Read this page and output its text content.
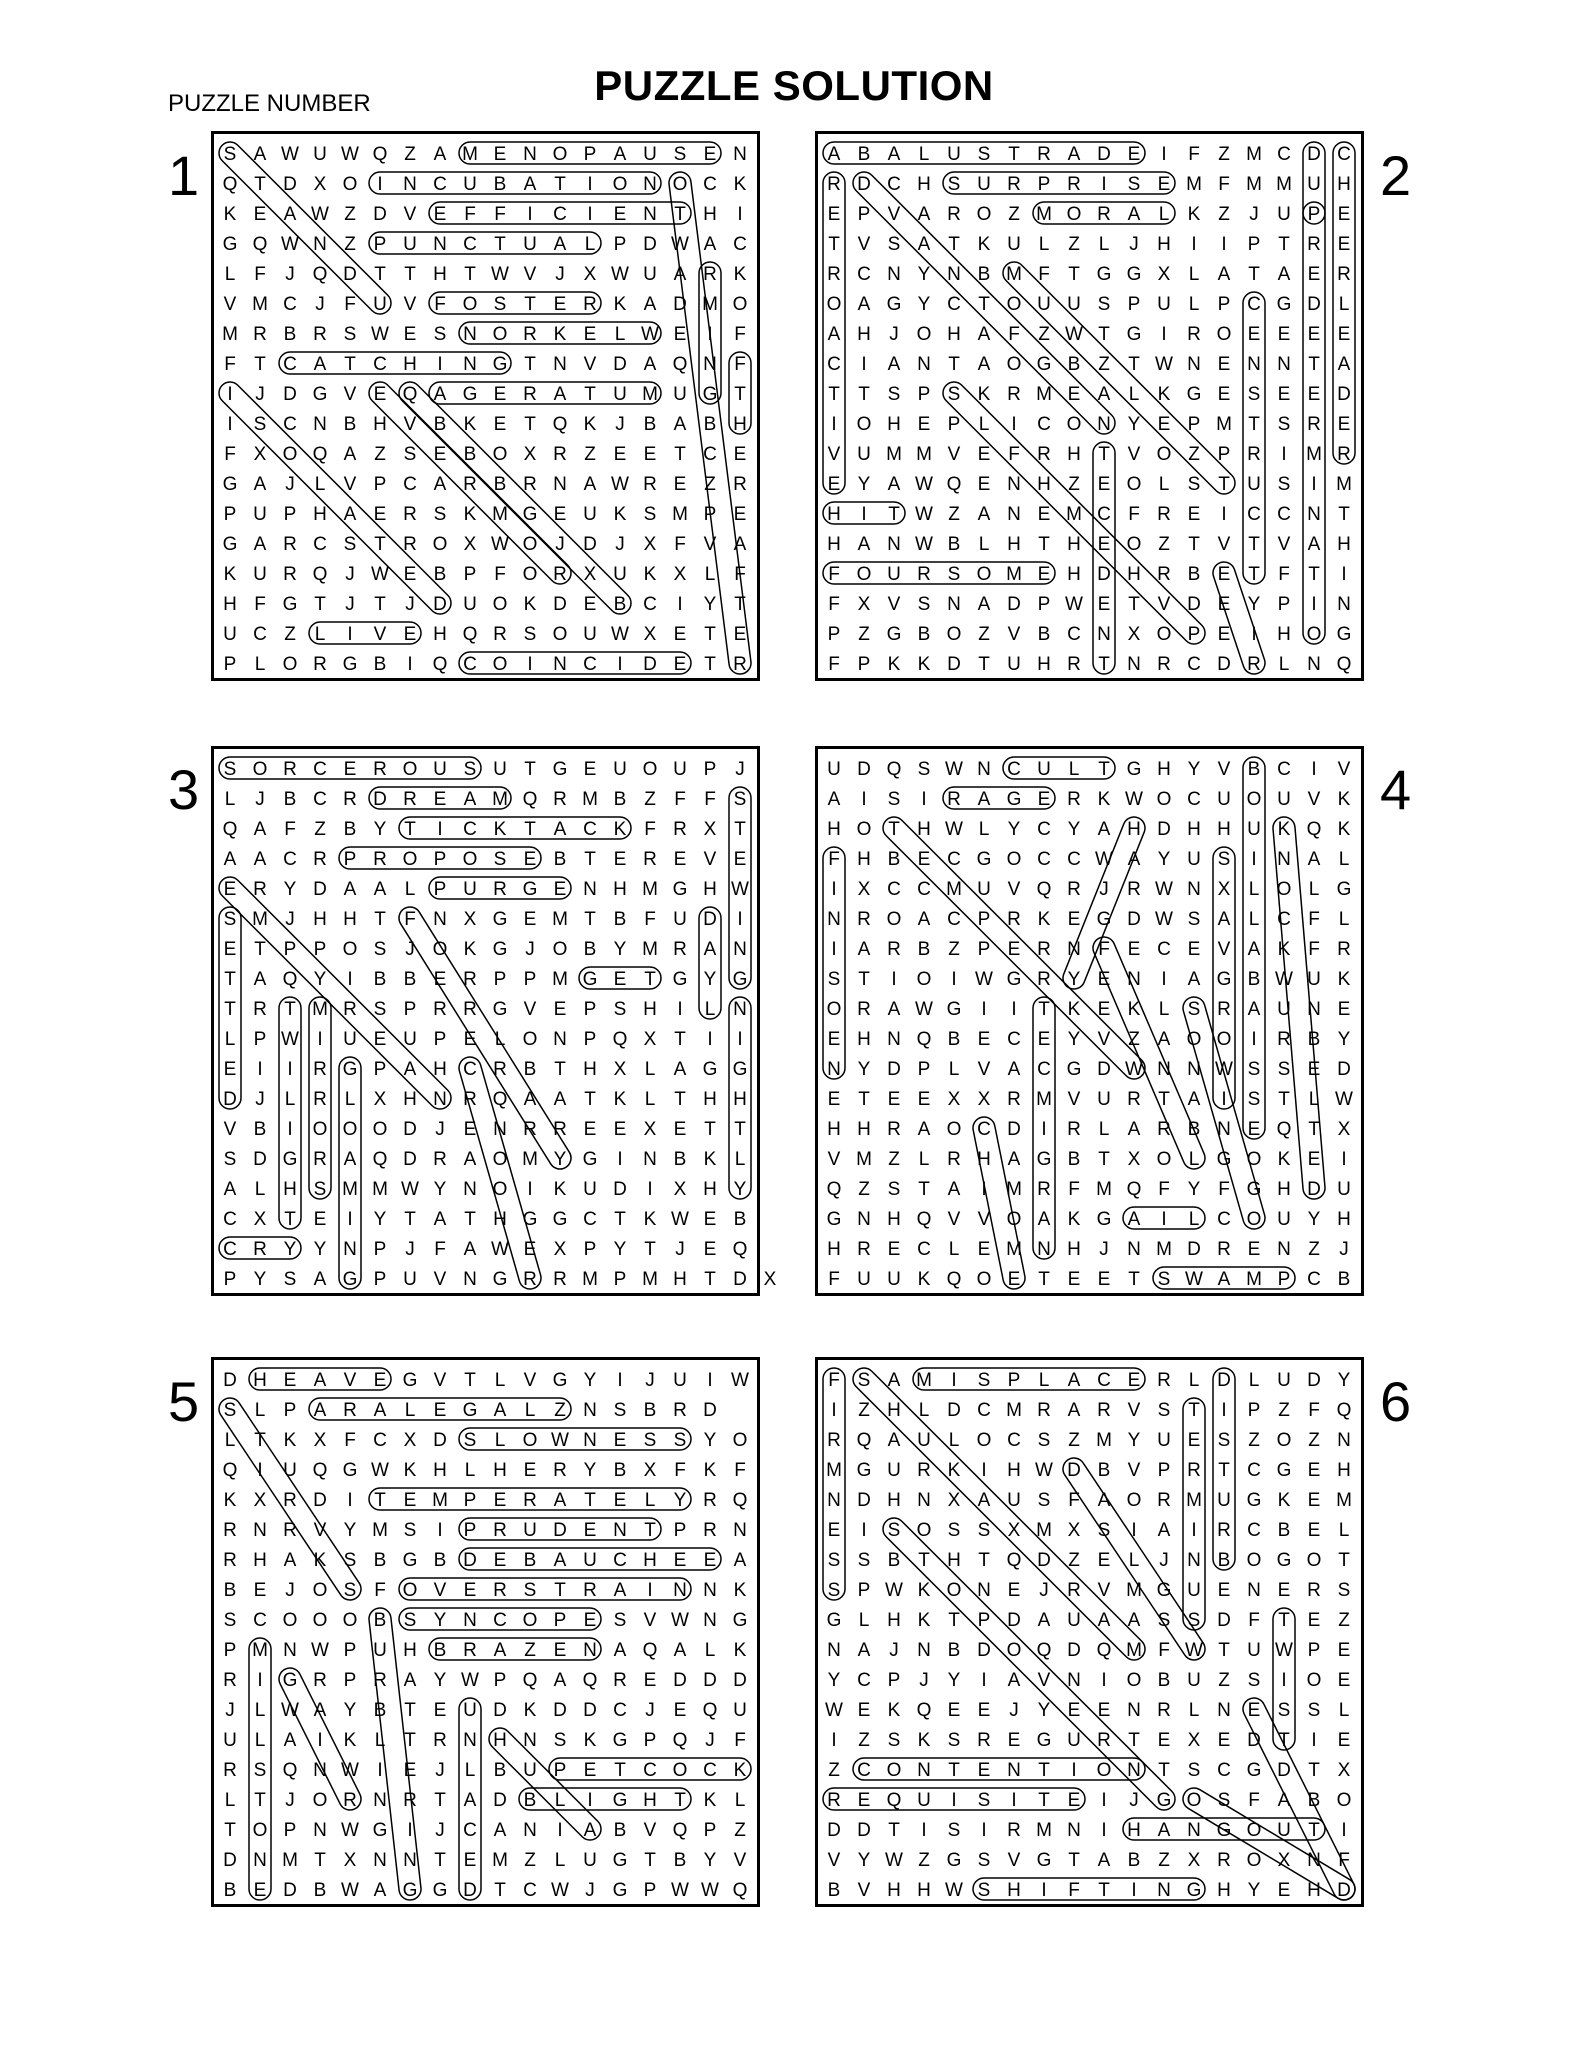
PUZZLE SOLUTION
PUZZLE NUMBER
1 S A W U W Q Z A M E N O P A U S E N
Q T D X O I N C U B A T I O N O C K
K E A W Z D V E F F I C I E N T H I
G Q W N Z P U N C T U A L P D W A C
L F J Q D T T H T W V J X W U A R K
V M C J F U V F O S T E R K A D M O
M R B R S W E S N O R K E L W E I F
F T C A T C H I N G T N V D A Q N F
I J D G V E Q A G E R A T U M U G T
I S C N B H V B K E T Q K J B A B H
F X O Q A Z S E B O X R Z E E T C E
G A J L V P C A R B R N A W R E Z R
P U P H A E R S K M G E U K S M P E
G A R C S T R O X W O J D J X F V A
K U R Q J W E B P F O R X U K X L F
H F G T J T J D U O K D E B C I Y T
U C Z L I V E H Q R S O U W X E T E
P L O R G B I Q C O I N C I D E T R
2
A B A L U S T R A D E I F Z M C D C
R D C H S U R P R I S E M F M M U H
E P V A R O Z M O R A L K Z J U P E
T V S A T K U L Z L J H I I P T R E
R C N Y N B M F T G G X L A T A E R
O A G Y C T O U U S P U L P C G D L
A H J O H A F Z W T G I R O E E E E
C I A N T A O G B Z T W N E N N T A
T T S P S K R M E A L K G E S E E D
I O H E P L I C O N Y E P M T S R E
V U M M V E F R H T V O Z P R I M R
E Y A W Q E N H Z E O L S T U S I M
H I T W Z A N E M C F R E I C C N T
H A N W B L H T H E O Z T V T V A H
F O U R S O M E H D H R B E T F T I
F X V S N A D P W E T V D E Y P I N
P Z G B O Z V B C N X O P E I H O G
F P K K D T U H R T N R C D R L N Q
3 S O R C E R O U S U T G E U O U P J
L J B C R D R E A M Q R M B Z F F S
Q A F Z B Y T I C K T A C K F R X T
A A C R P R O P O S E B T E R E V E
E R Y D A A L P U R G E N H M G H W
S M J H H T F N X G E M T B F U D I
E T P P O S J O K G J O B Y M R A N
T A Q Y I B B E R P P M G E T G Y G
T R T M R S P R R G V E P S H I L N
L P W I U E U P E L O N P Q X T I I
E I I R G P A H C R B T H X L A G G
D J L R L X H N R Q A A T K L T H H
V B I O O O D J E N R R E E X E T T
S D G R A Q D R A O M Y G I N B K L
A L H S M M W Y N O I K U D I X H Y
C X T E I Y T A T H G G C T K W E B
C R Y Y N P J F A W E X P Y T J E Q
P Y S A G P U V N G R R M P M H T D X
4
U D Q S W N C U L T G H Y V B C I V
A I S I R A G E R K W O C U O U V K
H O T H W L Y C Y A H D H H U K Q K
F H B E C G O C C W A Y U S I N A L
I X C C M U V Q R J R W N X L O L G
N R O A C P R K E G D W S A L C F L
I A R B Z P E R N F E C E V A K F R
S T I O I W G R Y E N I A G B W U K
O R A W G I I T K E K L S R A U N E
E H N Q B E C E Y V Z A O O I R B Y
N Y D P L V A C G D W N N W S S E D
E T E E X X R M V U R T A I S T L W
H H R A O C D I R L A R B N E Q T X
V M Z L R H A G B T X O L G O K E I
Q Z S T A I M R F M Q F Y F G H D U
G N H Q V V O A K G A I L C O U Y H
H R E C L E M N H J N M D R E N Z J
F U U K Q O E T E E T S W A M P C B
5 D H E A V E G V T L V G Y I J U I W
S L P A R A L E G A L Z N S B R D
L T K X F C X D S L O W N E S S Y O
Q I U Q G W K H L H E R Y B X F K F
K X R D I T E M P E R A T E L Y R Q
R N R V Y M S I P R U D E N T P R N
R H A K S B G B D E B A U C H E E A
B E J O S F O V E R S T R A I N N K
S C O O O B S Y N C O P E S V W N G
P M N W P U H B R A Z E N A Q A L K
R I G R P R A Y W P Q A Q R E D D D
J L W A Y B T E U D K D D C J E Q U
U L A I K L T R N H N S K G P Q J F
R S Q N W I E J L B U P E T C O C K
L T J O R N R T A D B L I G H T K L
T O P N W G I J C A N I A B V Q P Z
D N M T X N N T E M Z L U G T B Y V
B E D B W A G G D T C W J G P W W Q
6
F S A M I S P L A C E R L D L U D Y
I Z H L D C M R A R V S T I P Z F Q
R Q A U L O C S Z M Y U E S Z O Z N
M G U R K I H W D B V P R T C G E H
N D H N X A U S F A O R M U G K E M
E I S O S S X M X S I A I R C B E L
S S B T H T Q D Z E L J N B O G O T
S P W K O N E J R V M G U E N E R S
G L H K T P D A U A A S S D F T E Z
N A J N B D O Q D Q M F W T U W P E
Y C P J Y I A V N I O B U Z S I O E
W E K Q E E J Y E E N R L N E S S L
I Z S K S R E G U R T E X E D T I E
Z C O N T E N T I O N T S C G D T X
R E Q U I S I T E I J G O S F A B O
D D T I S I R M N I H A N G O U T I
V Y W Z G S V G T A B Z X R O X N F
B V H H W S H I F T I N G H Y E H D
